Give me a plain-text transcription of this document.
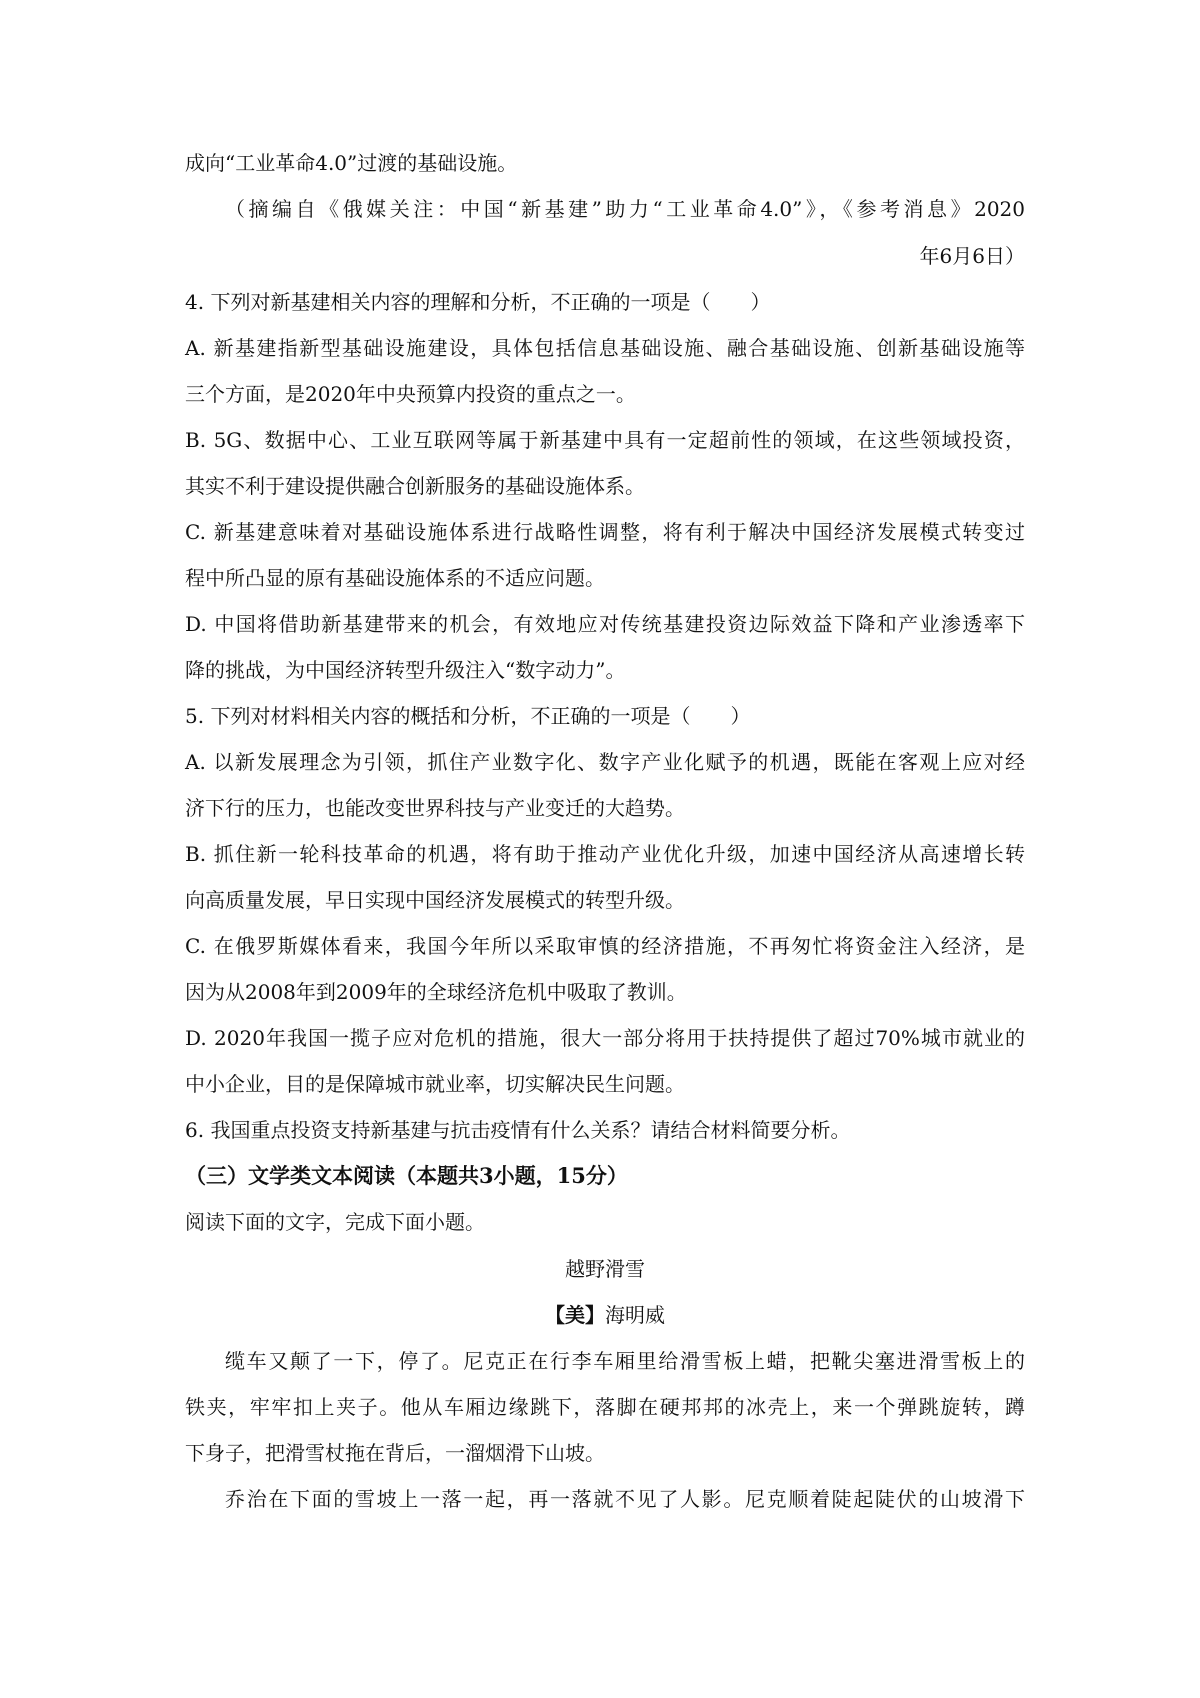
成向“工业革命4.0”过渡的基础设施。
（摘编自《俄媒关注：中国“新基建”助力“工业革命4.0”》，《参考消息》2020
年6月6日）
4. 下列对新基建相关内容的理解和分析，不正确的一项是（　　）
A. 新基建指新型基础设施建设，具体包括信息基础设施、融合基础设施、创新基础设施等
三个方面，是2020年中央预算内投资的重点之一。
B. 5G、数据中心、工业互联网等属于新基建中具有一定超前性的领域，在这些领域投资，
其实不利于建设提供融合创新服务的基础设施体系。
C. 新基建意味着对基础设施体系进行战略性调整，将有利于解决中国经济发展模式转变过
程中所凸显的原有基础设施体系的不适应问题。
D. 中国将借助新基建带来的机会，有效地应对传统基建投资边际效益下降和产业渗透率下
降的挑战，为中国经济转型升级注入“数字动力”。
5. 下列对材料相关内容的概括和分析，不正确的一项是（　　）
A. 以新发展理念为引领，抓住产业数字化、数字产业化赋予的机遇，既能在客观上应对经
济下行的压力，也能改变世界科技与产业变迁的大趋势。
B. 抓住新一轮科技革命的机遇，将有助于推动产业优化升级，加速中国经济从高速增长转
向高质量发展，早日实现中国经济发展模式的转型升级。
C. 在俄罗斯媒体看来，我国今年所以采取审慎的经济措施，不再匆忙将资金注入经济，是
因为从2008年到2009年的全球经济危机中吸取了教训。
D. 2020年我国一揽子应对危机的措施，很大一部分将用于扶持提供了超过70%城市就业的
中小企业，目的是保障城市就业率，切实解决民生问题。
6. 我国重点投资支持新基建与抗击疫情有什么关系？请结合材料简要分析。
（三）文学类文本阅读（本题共3小题，15分）
阅读下面的文字，完成下面小题。
越野滑雪
【美】海明威
缆车又颠了一下，停了。尼克正在行李车厢里给滑雪板上蜡，把靴尖塞进滑雪板上的
铁夹，牢牢扣上夹子。他从车厢边缘跳下，落脚在硬邦邦的冰壳上，来一个弹跳旋转，蹲
下身子，把滑雪杖拖在背后，一溜烟滑下山坡。
乔治在下面的雪坡上一落一起，再一落就不见了人影。尼克顺着陡起陡伏的山坡滑下
